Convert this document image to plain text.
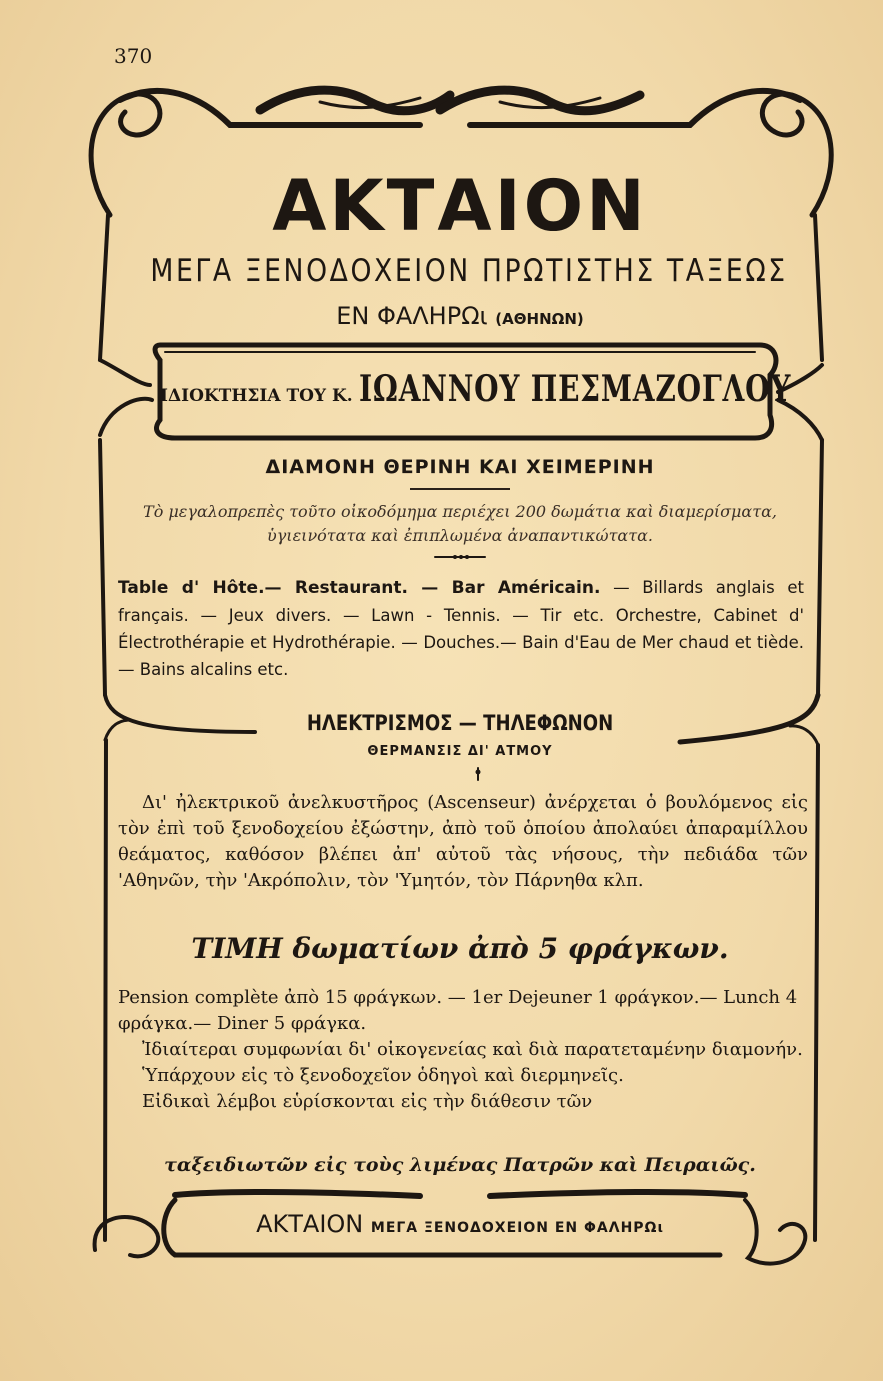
370
ΑΚΤΑΙΟΝ
ΜΕΓΑ ΞΕΝΟΔΟΧΕΙΟΝ ΠΡΩΤΙΣΤΗΣ ΤΑΞΕΩΣ
ΕΝ ΦΑΛΗΡΩι (ΑΘΗΝΩΝ)
ΙΔΙΟΚΤΗΣΙΑ ΤΟΥ Κ. ΙΩΑΝΝΟΥ ΠΕΣΜΑΖΟΓΛΟΥ
ΔΙΑΜΟΝΗ ΘΕΡΙΝΗ ΚΑΙ ΧΕΙΜΕΡΙΝΗ
Τὸ μεγαλοπρεπὲς τοῦτο οἰκοδόμημα περιέχει 200 δωμάτια καὶ διαμερίσματα, ὑγιεινότατα καὶ ἐπιπλωμένα ἀναπαντικώτατα.
Table d' Hôte.— Restaurant. — Bar Américain. — Billards anglais et français. — Jeux divers. — Lawn - Tennis. — Tir etc. Orchestre, Cabinet d' Électrothérapie et Hydrothérapie. — Douches.— Bain d'Eau de Mer chaud et tiède.— Bains alcalins etc.
ΗΛΕΚΤΡΙΣΜΟΣ — ΤΗΛΕΦΩΝΟΝ
ΘΕΡΜΑΝΣΙΣ ΔΙ' ΑΤΜΟΥ

Δι' ἠλεκτρικοῦ ἀνελκυστῆρος (Ascenseur) ἀνέρχεται ὁ βουλόμενος εἰς τὸν ἐπὶ τοῦ ξενοδοχείου ἐξώστην, ἀπὸ τοῦ ὁποίου ἀπολαύει ἀπαραμίλλου θεάματος, καθόσον βλέπει ἀπ' αὐτοῦ τὰς νήσους, τὴν πεδιάδα τῶν 'Αθηνῶν, τὴν 'Ακρόπολιν, τὸν 'Υμητόν, τὸν Πάρνηθα κλπ.

ΤΙΜΗ δωματίων ἀπὸ 5 φράγκων.

Pension complète ἀπὸ 15 φράγκων. — 1er Dejeuner 1 φράγκον.— Lunch 4 φράγκα.— Diner 5 φράγκα.

Ἰδιαίτεραι συμφωνίαι δι' οἰκογενείας καὶ διὰ παρατεταμένην διαμονήν.

Ὑπάρχουν εἰς τὸ ξενοδοχεῖον ὁδηγοὶ καὶ διερμηνεῖς.

Εἰδικαὶ λέμβοι εὑρίσκονται εἰς τὴν διάθεσιν τῶν

ταξειδιωτῶν εἰς τοὺς λιμένας Πατρῶν καὶ Πειραιῶς.
ΑΚΤΑΙΟΝ ΜΕΓΑ ΞΕΝΟΔΟΧΕΙΟΝ ΕΝ ΦΑΛΗΡΩι
